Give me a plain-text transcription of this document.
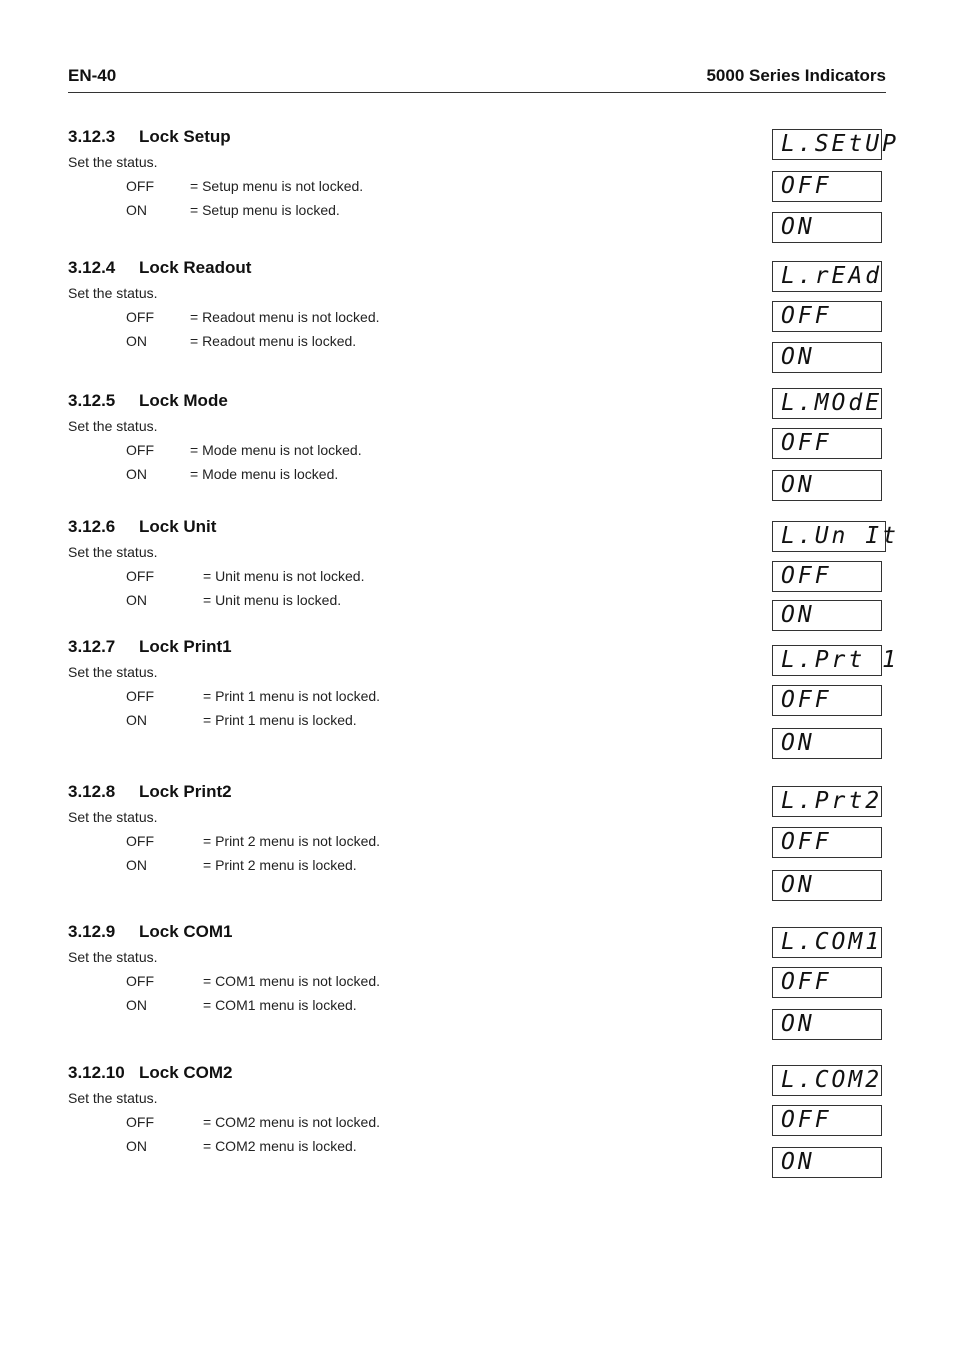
EN-40	5000 Series Indicators
3.12.3 Lock Setup
Set the status.
OFF	= Setup menu is not locked.
ON	= Setup menu is locked.
L.SEtUP
OFF
ON
3.12.4 Lock Readout
Set the status.
OFF	= Readout menu is not locked.
ON	= Readout menu is locked.
L.rEAd
OFF
ON
3.12.5 Lock Mode
Set the status.
OFF	= Mode menu is not locked.
ON	= Mode menu is locked.
L.MOdE
OFF
ON
3.12.6 Lock Unit
Set the status.
OFF	= Unit menu is not locked.
ON	= Unit menu is locked.
L.Un It
OFF
ON
3.12.7 Lock Print1
Set the status.
OFF	= Print 1 menu is not locked.
ON	= Print 1 menu is locked.
L.Prt 1
OFF
ON
3.12.8 Lock Print2
Set the status.
OFF	= Print 2 menu is not locked.
ON	= Print 2 menu is locked.
L.Prt2
OFF
ON
3.12.9 Lock COM1
Set the status.
OFF	= COM1 menu is not locked.
ON	= COM1 menu is locked.
L.COM1
OFF
ON
3.12.10 Lock COM2
Set the status.
OFF	= COM2 menu is not locked.
ON	= COM2 menu is locked.
L.COM2
OFF
ON
